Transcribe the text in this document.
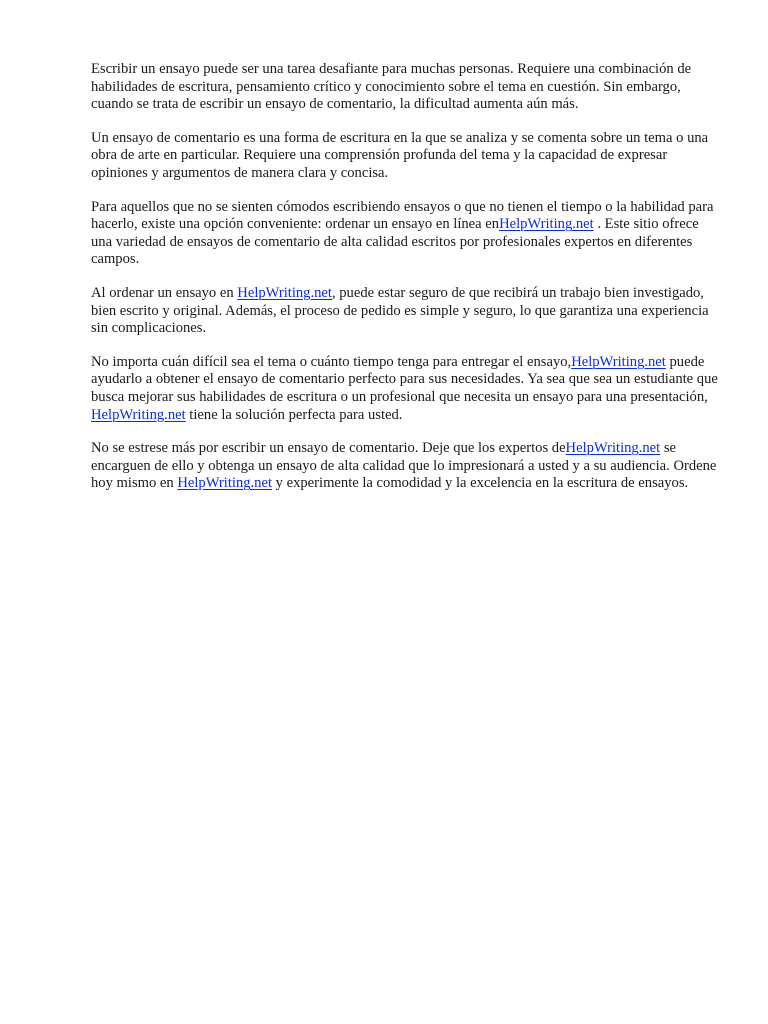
Escribir un ensayo puede ser una tarea desafiante para muchas personas. Requiere una combinación de habilidades de escritura, pensamiento crítico y conocimiento sobre el tema en cuestión. Sin embargo, cuando se trata de escribir un ensayo de comentario, la dificultad aumenta aún más.

Un ensayo de comentario es una forma de escritura en la que se analiza y se comenta sobre un tema o una obra de arte en particular. Requiere una comprensión profunda del tema y la capacidad de expresar opiniones y argumentos de manera clara y concisa.

Para aquellos que no se sienten cómodos escribiendo ensayos o que no tienen el tiempo o la habilidad para hacerlo, existe una opción conveniente: ordenar un ensayo en línea enHelpWriting.net . Este sitio ofrece una variedad de ensayos de comentario de alta calidad escritos por profesionales expertos en diferentes campos.

Al ordenar un ensayo en HelpWriting.net, puede estar seguro de que recibirá un trabajo bien investigado, bien escrito y original. Además, el proceso de pedido es simple y seguro, lo que garantiza una experiencia sin complicaciones.

No importa cuán difícil sea el tema o cuánto tiempo tenga para entregar el ensayo,HelpWriting.net puede ayudarlo a obtener el ensayo de comentario perfecto para sus necesidades. Ya sea que sea un estudiante que busca mejorar sus habilidades de escritura o un profesional que necesita un ensayo para una presentación, HelpWriting.net tiene la solución perfecta para usted.

No se estrese más por escribir un ensayo de comentario. Deje que los expertos deHelpWriting.net se encarguen de ello y obtenga un ensayo de alta calidad que lo impresionará a usted y a su audiencia. Ordene hoy mismo en HelpWriting.net y experimente la comodidad y la excelencia en la escritura de ensayos.
